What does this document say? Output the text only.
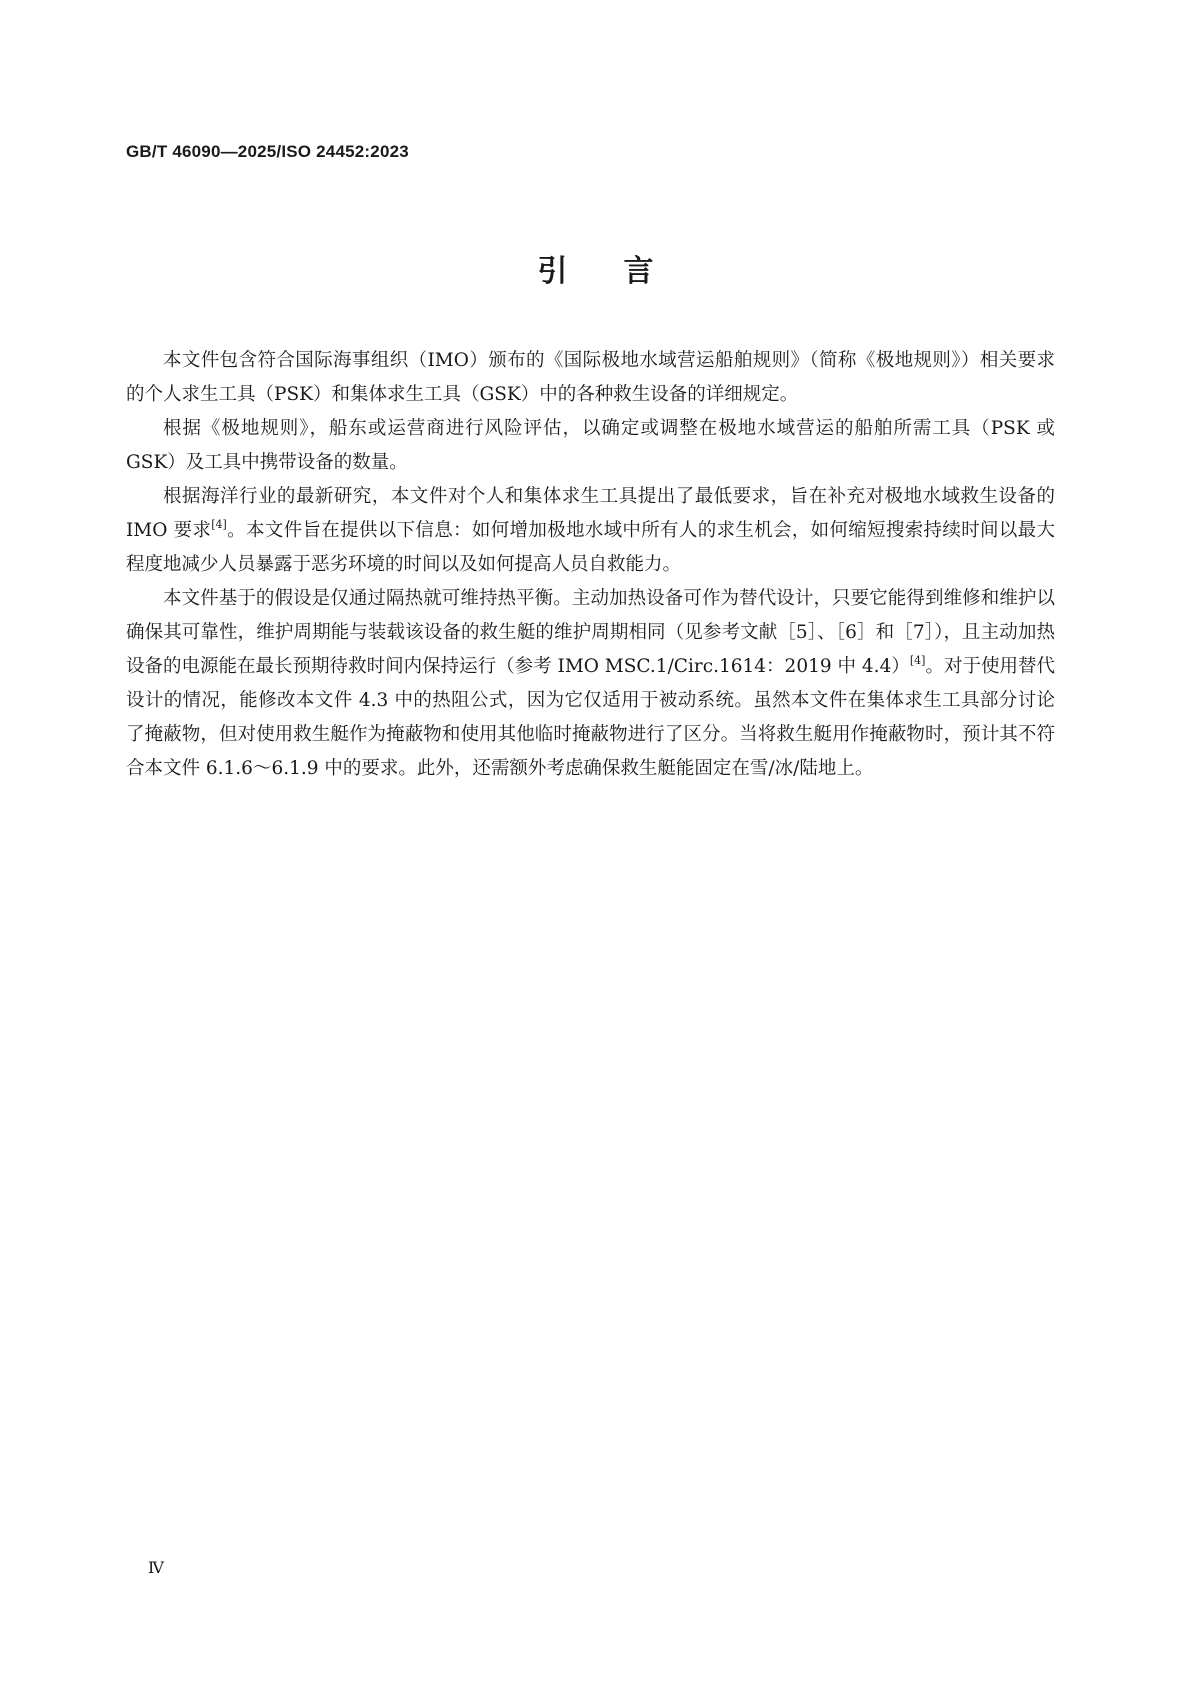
GB/T 46090—2025/ISO 24452:2023
引言

本文件包含符合国际海事组织（IMO）颁布的《国际极地水域营运船舶规则》（简称《极地规则》）相关要求的个人求生工具（PSK）和集体求生工具（GSK）中的各种救生设备的详细规定。

根据《极地规则》，船东或运营商进行风险评估，以确定或调整在极地水域营运的船舶所需工具（PSK 或 GSK）及工具中携带设备的数量。

根据海洋行业的最新研究，本文件对个人和集体求生工具提出了最低要求，旨在补充对极地水域救生设备的 IMO 要求[4]。本文件旨在提供以下信息：如何增加极地水域中所有人的求生机会，如何缩短搜索持续时间以最大程度地减少人员暴露于恶劣环境的时间以及如何提高人员自救能力。

本文件基于的假设是仅通过隔热就可维持热平衡。主动加热设备可作为替代设计，只要它能得到维修和维护以确保其可靠性，维护周期能与装载该设备的救生艇的维护周期相同（见参考文献［5］、［6］和［7］），且主动加热设备的电源能在最长预期待救时间内保持运行（参考 IMO MSC.1/Circ.1614：2019 中 4.4）[4]。对于使用替代设计的情况，能修改本文件 4.3 中的热阻公式，因为它仅适用于被动系统。虽然本文件在集体求生工具部分讨论了掩蔽物，但对使用救生艇作为掩蔽物和使用其他临时掩蔽物进行了区分。当将救生艇用作掩蔽物时，预计其不符合本文件 6.1.6～6.1.9 中的要求。此外，还需额外考虑确保救生艇能固定在雪/冰/陆地上。

Ⅳ
